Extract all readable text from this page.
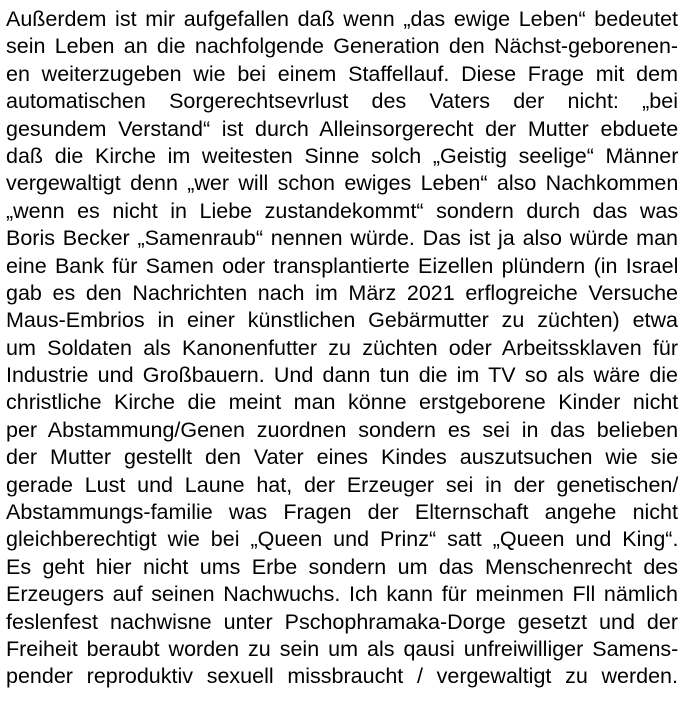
Außerdem ist mir aufgefallen daß wenn „das ewige Leben“ bedeutet
sein Leben an die nachfolgende Generation den Nächst-geborenen-
en weiterzugeben wie bei einem Staffellauf. Diese Frage mit dem
automatischen Sorgerechtsevrlust des Vaters der nicht: „bei
gesundem Verstand“ ist durch Alleinsorgerecht der Mutter ebduete
daß die Kirche im weitesten Sinne solch „Geistig seelige“ Männer
vergewaltigt denn „wer will schon ewiges Leben“ also Nachkommen
„wenn es nicht in Liebe zustandekommt“ sondern durch das was
Boris Becker „Samenraub“ nennen würde. Das ist ja also würde man
eine Bank für Samen oder transplantierte Eizellen plündern (in Israel
gab es den Nachrichten nach im März 2021 erflogreiche Versuche
Maus-Embrios in einer künstlichen Gebärmutter zu züchten) etwa
um Soldaten als Kanonenfutter zu züchten oder Arbeitssklaven für
Industrie und Großbauern. Und dann tun die im TV so als wäre die
christliche Kirche die meint man könne erstgeborene Kinder nicht
per Abstammung/Genen zuordnen sondern es sei in das belieben
der Mutter gestellt den Vater eines Kindes auszutsuchen wie sie
gerade Lust und Laune hat, der Erzeuger sei in der genetischen/
Abstammungs-familie was Fragen der Elternschaft angehe nicht
gleichberechtigt wie bei „Queen und Prinz“ satt „Queen und King“.
Es geht hier nicht ums Erbe sondern um das Menschenrecht des
Erzeugers auf seinen Nachwuchs. Ich kann für meinmen Fll nämlich
feslenfest nachwisne unter Pschophramaka-Dorge gesetzt und der
Freiheit beraubt worden zu sein um als qausi unfreiwilliger Samens-
pender reproduktiv sexuell missbraucht / vergewaltigt zu werden.
